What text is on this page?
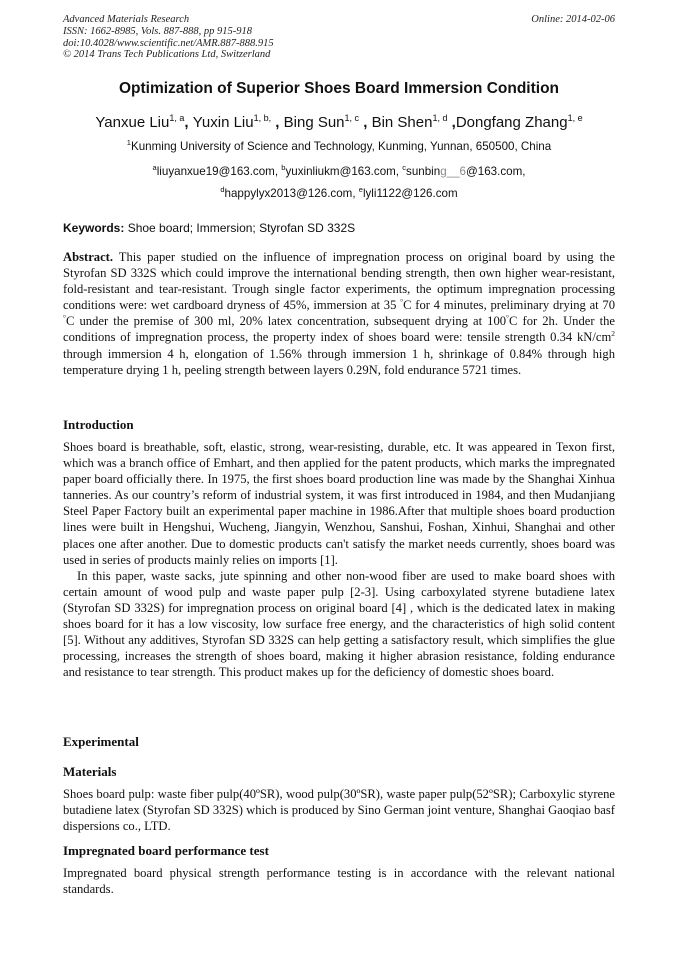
Advanced Materials Research
ISSN: 1662-8985, Vols. 887-888, pp 915-918
doi:10.4028/www.scientific.net/AMR.887-888.915
© 2014 Trans Tech Publications Ltd, Switzerland
Online: 2014-02-06
Optimization of Superior Shoes Board Immersion Condition
Yanxue Liu$^{1, a}$, Yuxin Liu$^{1, b,}$ , Bing Sun$^{1, c}$ , Bin Shen$^{1, d}$ ,Dongfang Zhang$^{1, e}$
$^1$Kunming University of Science and Technology, Kunming, Yunnan, 650500, China
$^a$liuyanxue19@163.com, $^b$yuxinliukm@163.com, $^c$sunbing__6@163.com,
$^d$happylyx2013@126.com, $^e$lyli1122@126.com
Keywords: Shoe board; Immersion; Styrofan SD 332S

Abstract. This paper studied on the influence of impregnation process on original board by using the Styrofan SD 332S which could improve the international bending strength, then own higher wear-resistant, fold-resistant and tear-resistant. Trough single factor experiments, the optimum impregnation processing conditions were: wet cardboard dryness of 45%, immersion at 35 °C for 4 minutes, preliminary drying at 70 °C under the premise of 300 ml, 20% latex concentration, subsequent drying at 100°C for 2h. Under the conditions of impregnation process, the property index of shoes board were: tensile strength 0.34 $kN/cm^2$ through immersion 4 h, elongation of 1.56% through immersion 1 h, shrinkage of 0.84% through high temperature drying 1 h, peeling strength between layers 0.29N, fold endurance 5721 times.

Introduction

Shoes board is breathable, soft, elastic, strong, wear-resisting, durable, etc. It was appeared in Texon first, which was a branch office of Emhart, and then applied for the patent products, which marks the impregnated paper board officially there. In 1975, the first shoes board production line was made by the Shanghai Xinhua tanneries. As our country’s reform of industrial system, it was first introduced in 1984, and then Mudanjiang Steel Paper Factory built an experimental paper machine in 1986.After that multiple shoes board production lines were built in Hengshui, Wucheng, Jiangyin, Wenzhou, Sanshui, Foshan, Xinhui, Shanghai and other places one after another. Due to domestic products can't satisfy the market needs currently, shoes board was used in series of products mainly relies on imports [1].

In this paper, waste sacks, jute spinning and other non-wood fiber are used to make board shoes with certain amount of wood pulp and waste paper pulp [2-3]. Using carboxylated styrene butadiene latex (Styrofan SD 332S) for impregnation process on original board [4] , which is the dedicated latex in making shoes board for it has a low viscosity, low surface free energy, and the characteristics of high solid content [5]. Without any additives, Styrofan SD 332S can help getting a satisfactory result, which simplifies the glue processing, increases the strength of shoes board, making it higher abrasion resistance, folding endurance and resistance to tear strength. This product makes up for the deficiency of domestic shoes board.

Experimental
Materials
Shoes board pulp: waste fiber pulp(40ºSR), wood pulp(30ºSR), waste paper pulp(52ºSR); Carboxylic styrene butadiene latex (Styrofan SD 332S) which is produced by Sino German joint venture, Shanghai Gaoqiao basf dispersions co., LTD.
Impregnated board performance test
Impregnated board physical strength performance testing is in accordance with the relevant national standards.
